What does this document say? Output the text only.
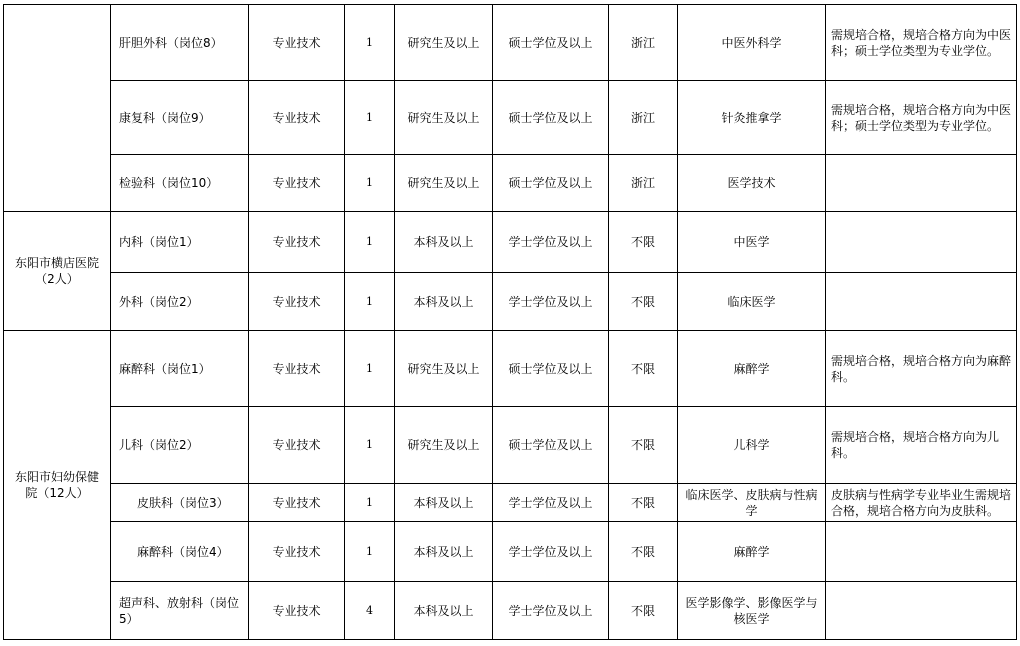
	肝胆外科（岗位8）	专业技术	1	研究生及以上	硕士学位及以上	浙江	中医外科学	需规培合格，规培合格方向为中医科；硕士学位类型为专业学位。
	康复科（岗位9）	专业技术	1	研究生及以上	硕士学位及以上	浙江	针灸推拿学	需规培合格，规培合格方向为中医科；硕士学位类型为专业学位。
	检验科（岗位10）	专业技术	1	研究生及以上	硕士学位及以上	浙江	医学技术	
东阳市横店医院（2人）	内科（岗位1）	专业技术	1	本科及以上	学士学位及以上	不限	中医学	
	外科（岗位2）	专业技术	1	本科及以上	学士学位及以上	不限	临床医学	
东阳市妇幼保健院（12人）	麻醉科（岗位1）	专业技术	1	研究生及以上	硕士学位及以上	不限	麻醉学	需规培合格，规培合格方向为麻醉科。
	儿科（岗位2）	专业技术	1	研究生及以上	硕士学位及以上	不限	儿科学	需规培合格，规培合格方向为儿科。
	皮肤科（岗位3）	专业技术	1	本科及以上	学士学位及以上	不限	临床医学、皮肤病与性病学	皮肤病与性病学专业毕业生需规培合格，规培合格方向为皮肤科。
	麻醉科（岗位4）	专业技术	1	本科及以上	学士学位及以上	不限	麻醉学	
	超声科、放射科（岗位5）	专业技术	4	本科及以上	学士学位及以上	不限	医学影像学、影像医学与核医学	
